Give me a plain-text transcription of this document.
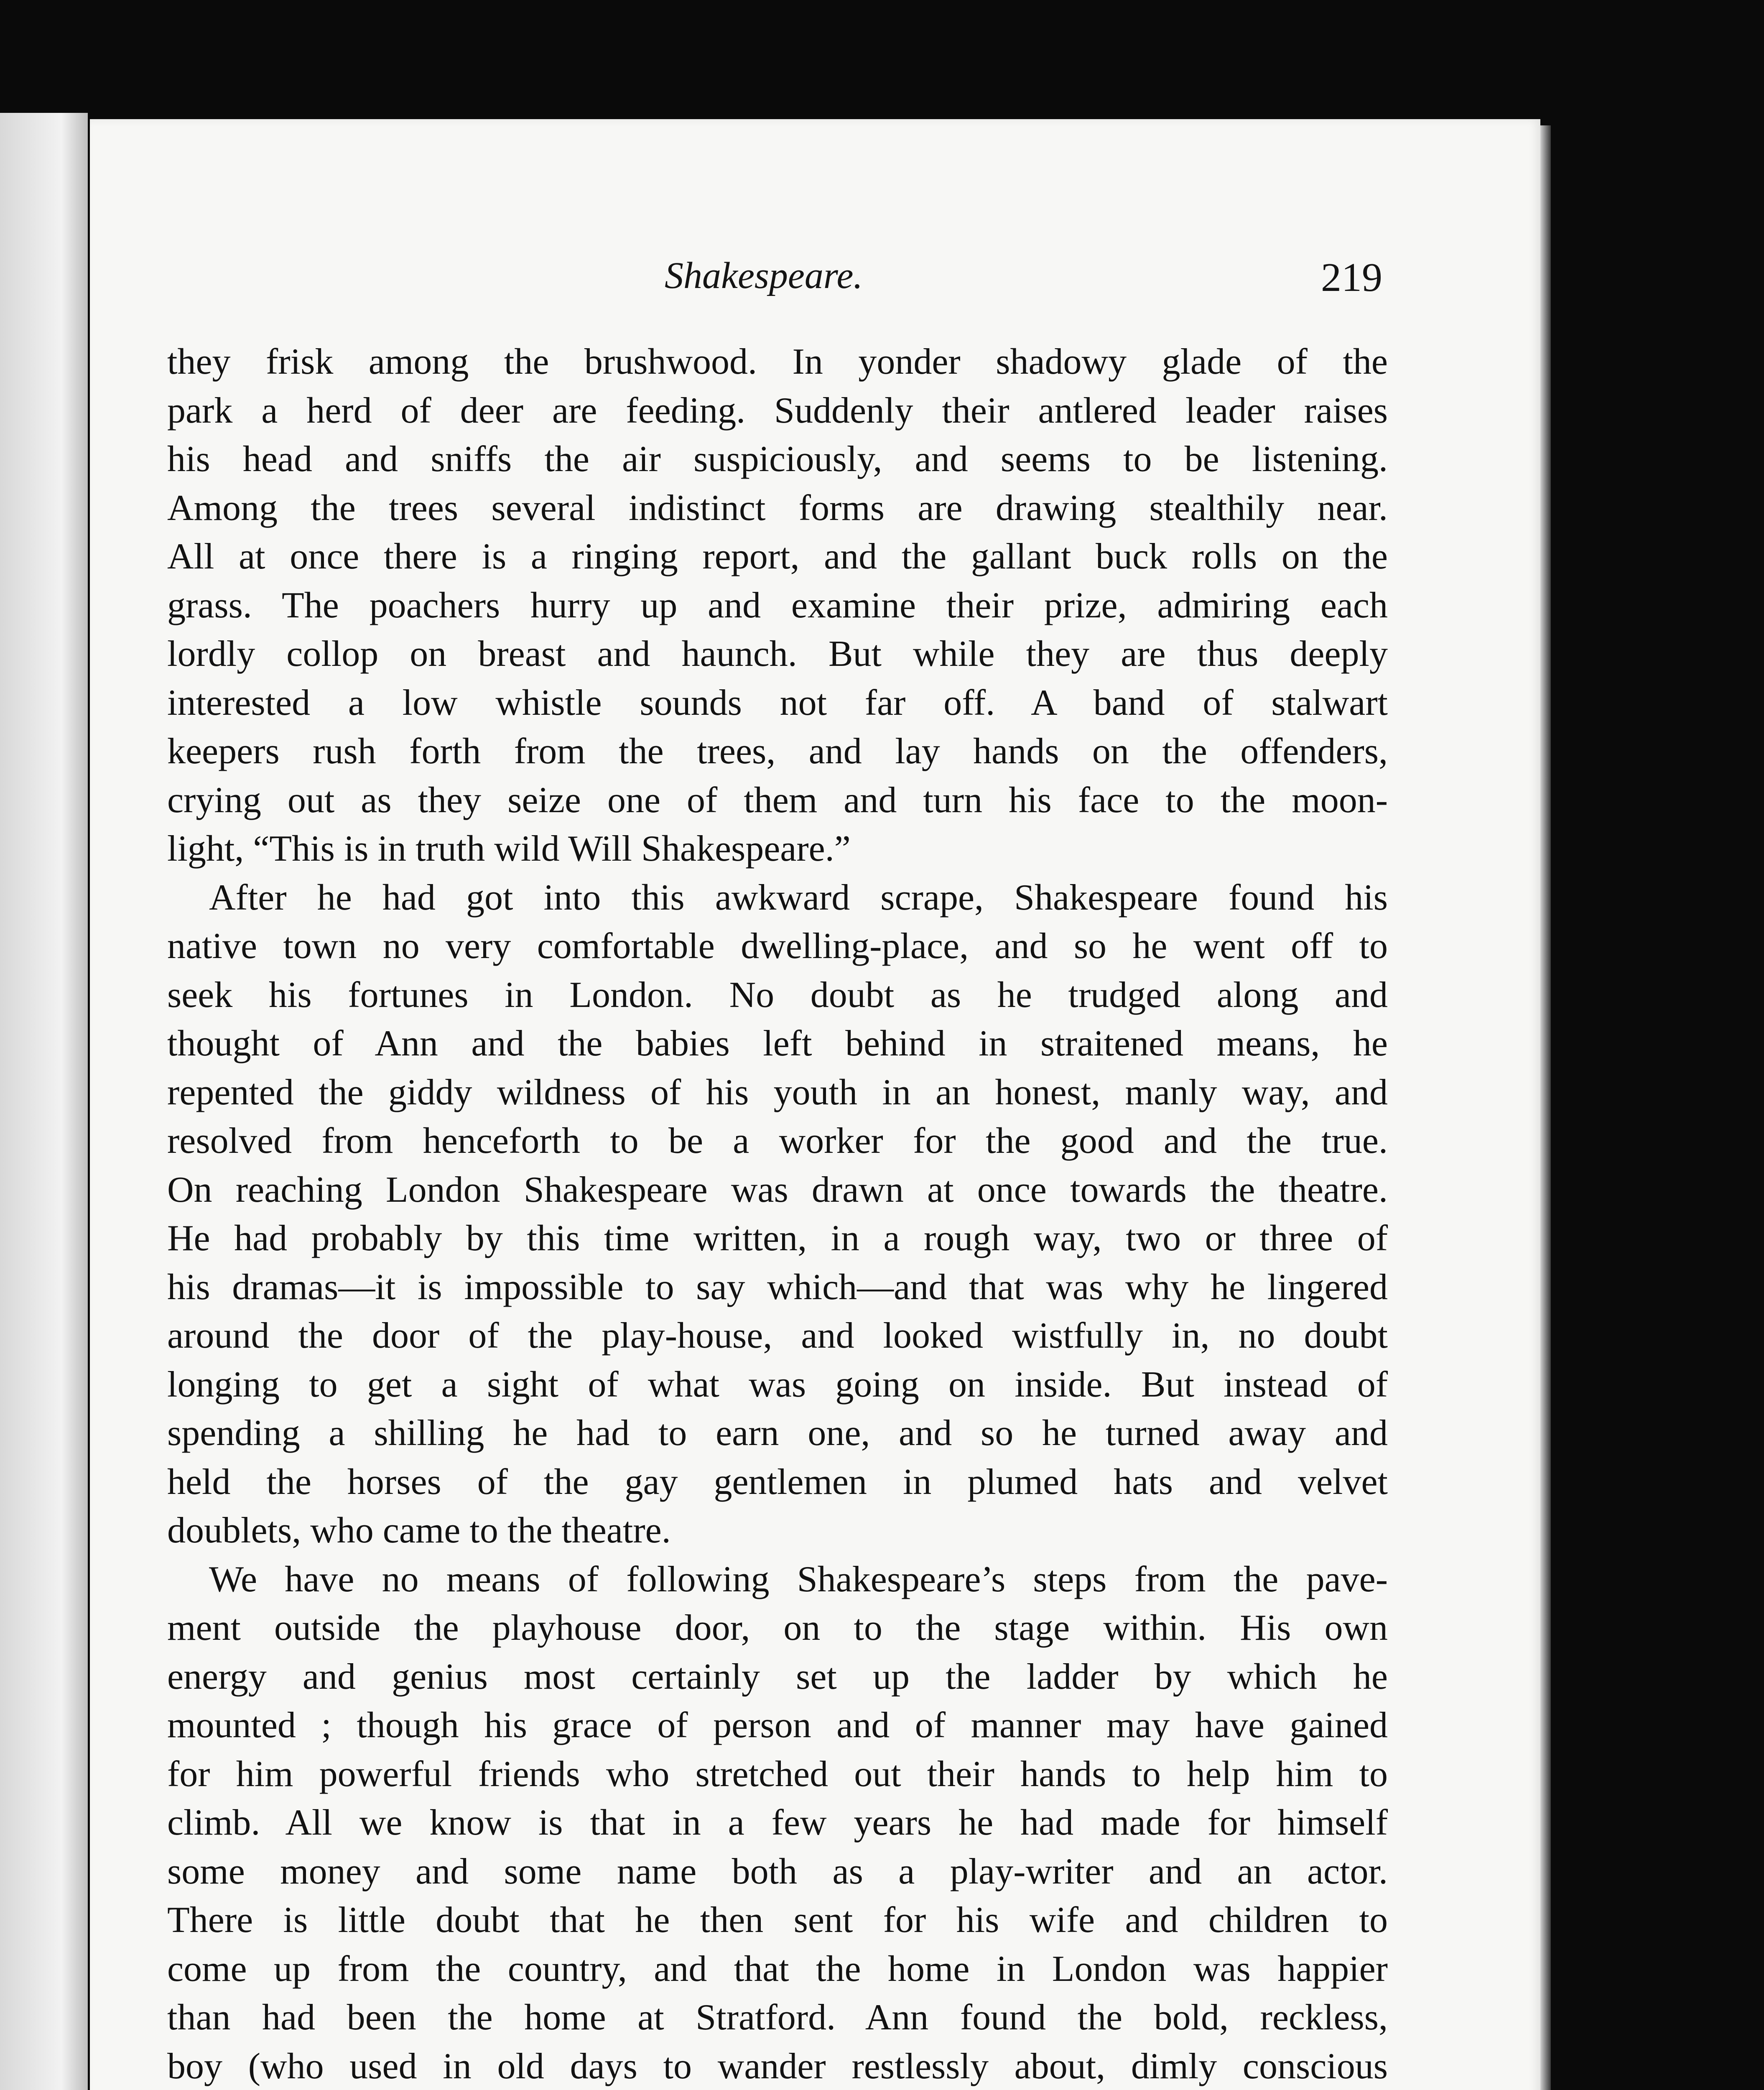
Shakespeare.	219
they frisk among the brushwood. In yonder shadowy glade of the
park a herd of deer are feeding. Suddenly their antlered leader raises
his head and sniffs the air suspiciously, and seems to be listening.
Among the trees several indistinct forms are drawing stealthily near.
All at once there is a ringing report, and the gallant buck rolls on the
grass. The poachers hurry up and examine their prize, admiring each
lordly collop on breast and haunch. But while they are thus deeply
interested a low whistle sounds not far off. A band of stalwart
keepers rush forth from the trees, and lay hands on the offenders,
crying out as they seize one of them and turn his face to the moon-
light, “This is in truth wild Will Shakespeare.”
After he had got into this awkward scrape, Shakespeare found his
native town no very comfortable dwelling-place, and so he went off to
seek his fortunes in London. No doubt as he trudged along and
thought of Ann and the babies left behind in straitened means, he
repented the giddy wildness of his youth in an honest, manly way, and
resolved from henceforth to be a worker for the good and the true.
On reaching London Shakespeare was drawn at once towards the theatre.
He had probably by this time written, in a rough way, two or three of
his dramas—it is impossible to say which—and that was why he lingered
around the door of the play-house, and looked wistfully in, no doubt
longing to get a sight of what was going on inside. But instead of
spending a shilling he had to earn one, and so he turned away and
held the horses of the gay gentlemen in plumed hats and velvet
doublets, who came to the theatre.
We have no means of following Shakespeare’s steps from the pave-
ment outside the playhouse door, on to the stage within. His own
energy and genius most certainly set up the ladder by which he
mounted ; though his grace of person and of manner may have gained
for him powerful friends who stretched out their hands to help him to
climb. All we know is that in a few years he had made for himself
some money and some name both as a play-writer and an actor.
There is little doubt that he then sent for his wife and children to
come up from the country, and that the home in London was happier
than had been the home at Stratford. Ann found the bold, reckless,
boy (who used in old days to wander restlessly about, dimly conscious
